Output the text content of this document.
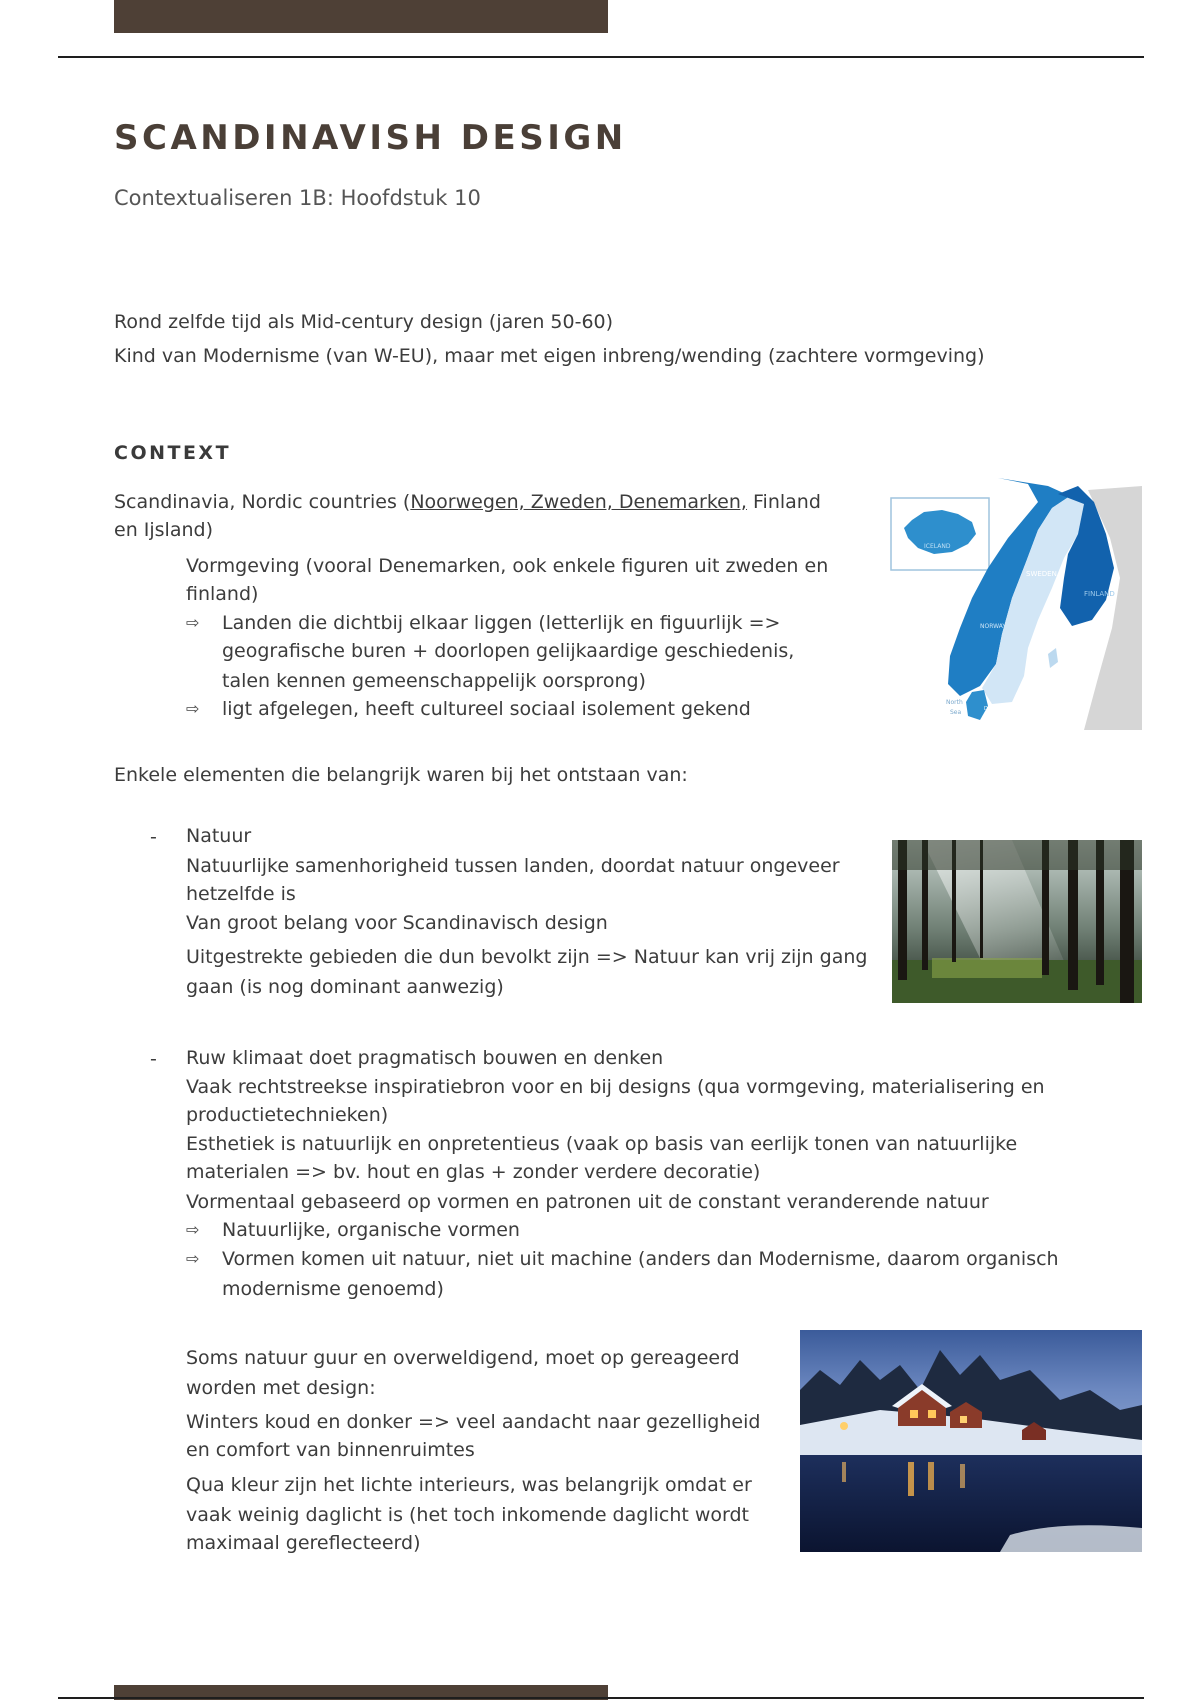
SCANDINAVISH DESIGN

Contextualiseren 1B: Hoofdstuk 10

Rond zelfde tijd als Mid-century design (jaren 50-60)

Kind van Modernisme (van W-EU), maar met eigen inbreng/wending (zachtere vormgeving)

CONTEXT

Scandinavia, Nordic countries (Noorwegen, Zweden, Denemarken, Finland

en Ijsland)

Vormgeving (vooral Denemarken, ook enkele figuren uit zweden en

finland)

⇨ Landen die dichtbij elkaar liggen (letterlijk en figuurlijk =>

geografische buren + doorlopen gelijkaardige geschiedenis,

talen kennen gemeenschappelijk oorsprong)

⇨ ligt afgelegen, heeft cultureel sociaal isolement gekend
ICELAND
SWEDEN
FINLAND
NORWAY
DENMARK
North
Sea

Enkele elementen die belangrijk waren bij het ontstaan van:

- Natuur

Natuurlijke samenhorigheid tussen landen, doordat natuur ongeveer

hetzelfde is

Van groot belang voor Scandinavisch design

Uitgestrekte gebieden die dun bevolkt zijn => Natuur kan vrij zijn gang

gaan (is nog dominant aanwezig)

- Ruw klimaat doet pragmatisch bouwen en denken

Vaak rechtstreekse inspiratiebron voor en bij designs (qua vormgeving, materialisering en

productietechnieken)

Esthetiek is natuurlijk en onpretentieus (vaak op basis van eerlijk tonen van natuurlijke

materialen => bv. hout en glas + zonder verdere decoratie)

Vormentaal gebaseerd op vormen en patronen uit de constant veranderende natuur

⇨ Natuurlijke, organische vormen
⇨ Vormen komen uit natuur, niet uit machine (anders dan Modernisme, daarom organisch

modernisme genoemd)

Soms natuur guur en overweldigend, moet op gereageerd

worden met design:

Winters koud en donker => veel aandacht naar gezelligheid

en comfort van binnenruimtes

Qua kleur zijn het lichte interieurs, was belangrijk omdat er

vaak weinig daglicht is (het toch inkomende daglicht wordt

maximaal gereflecteerd)
